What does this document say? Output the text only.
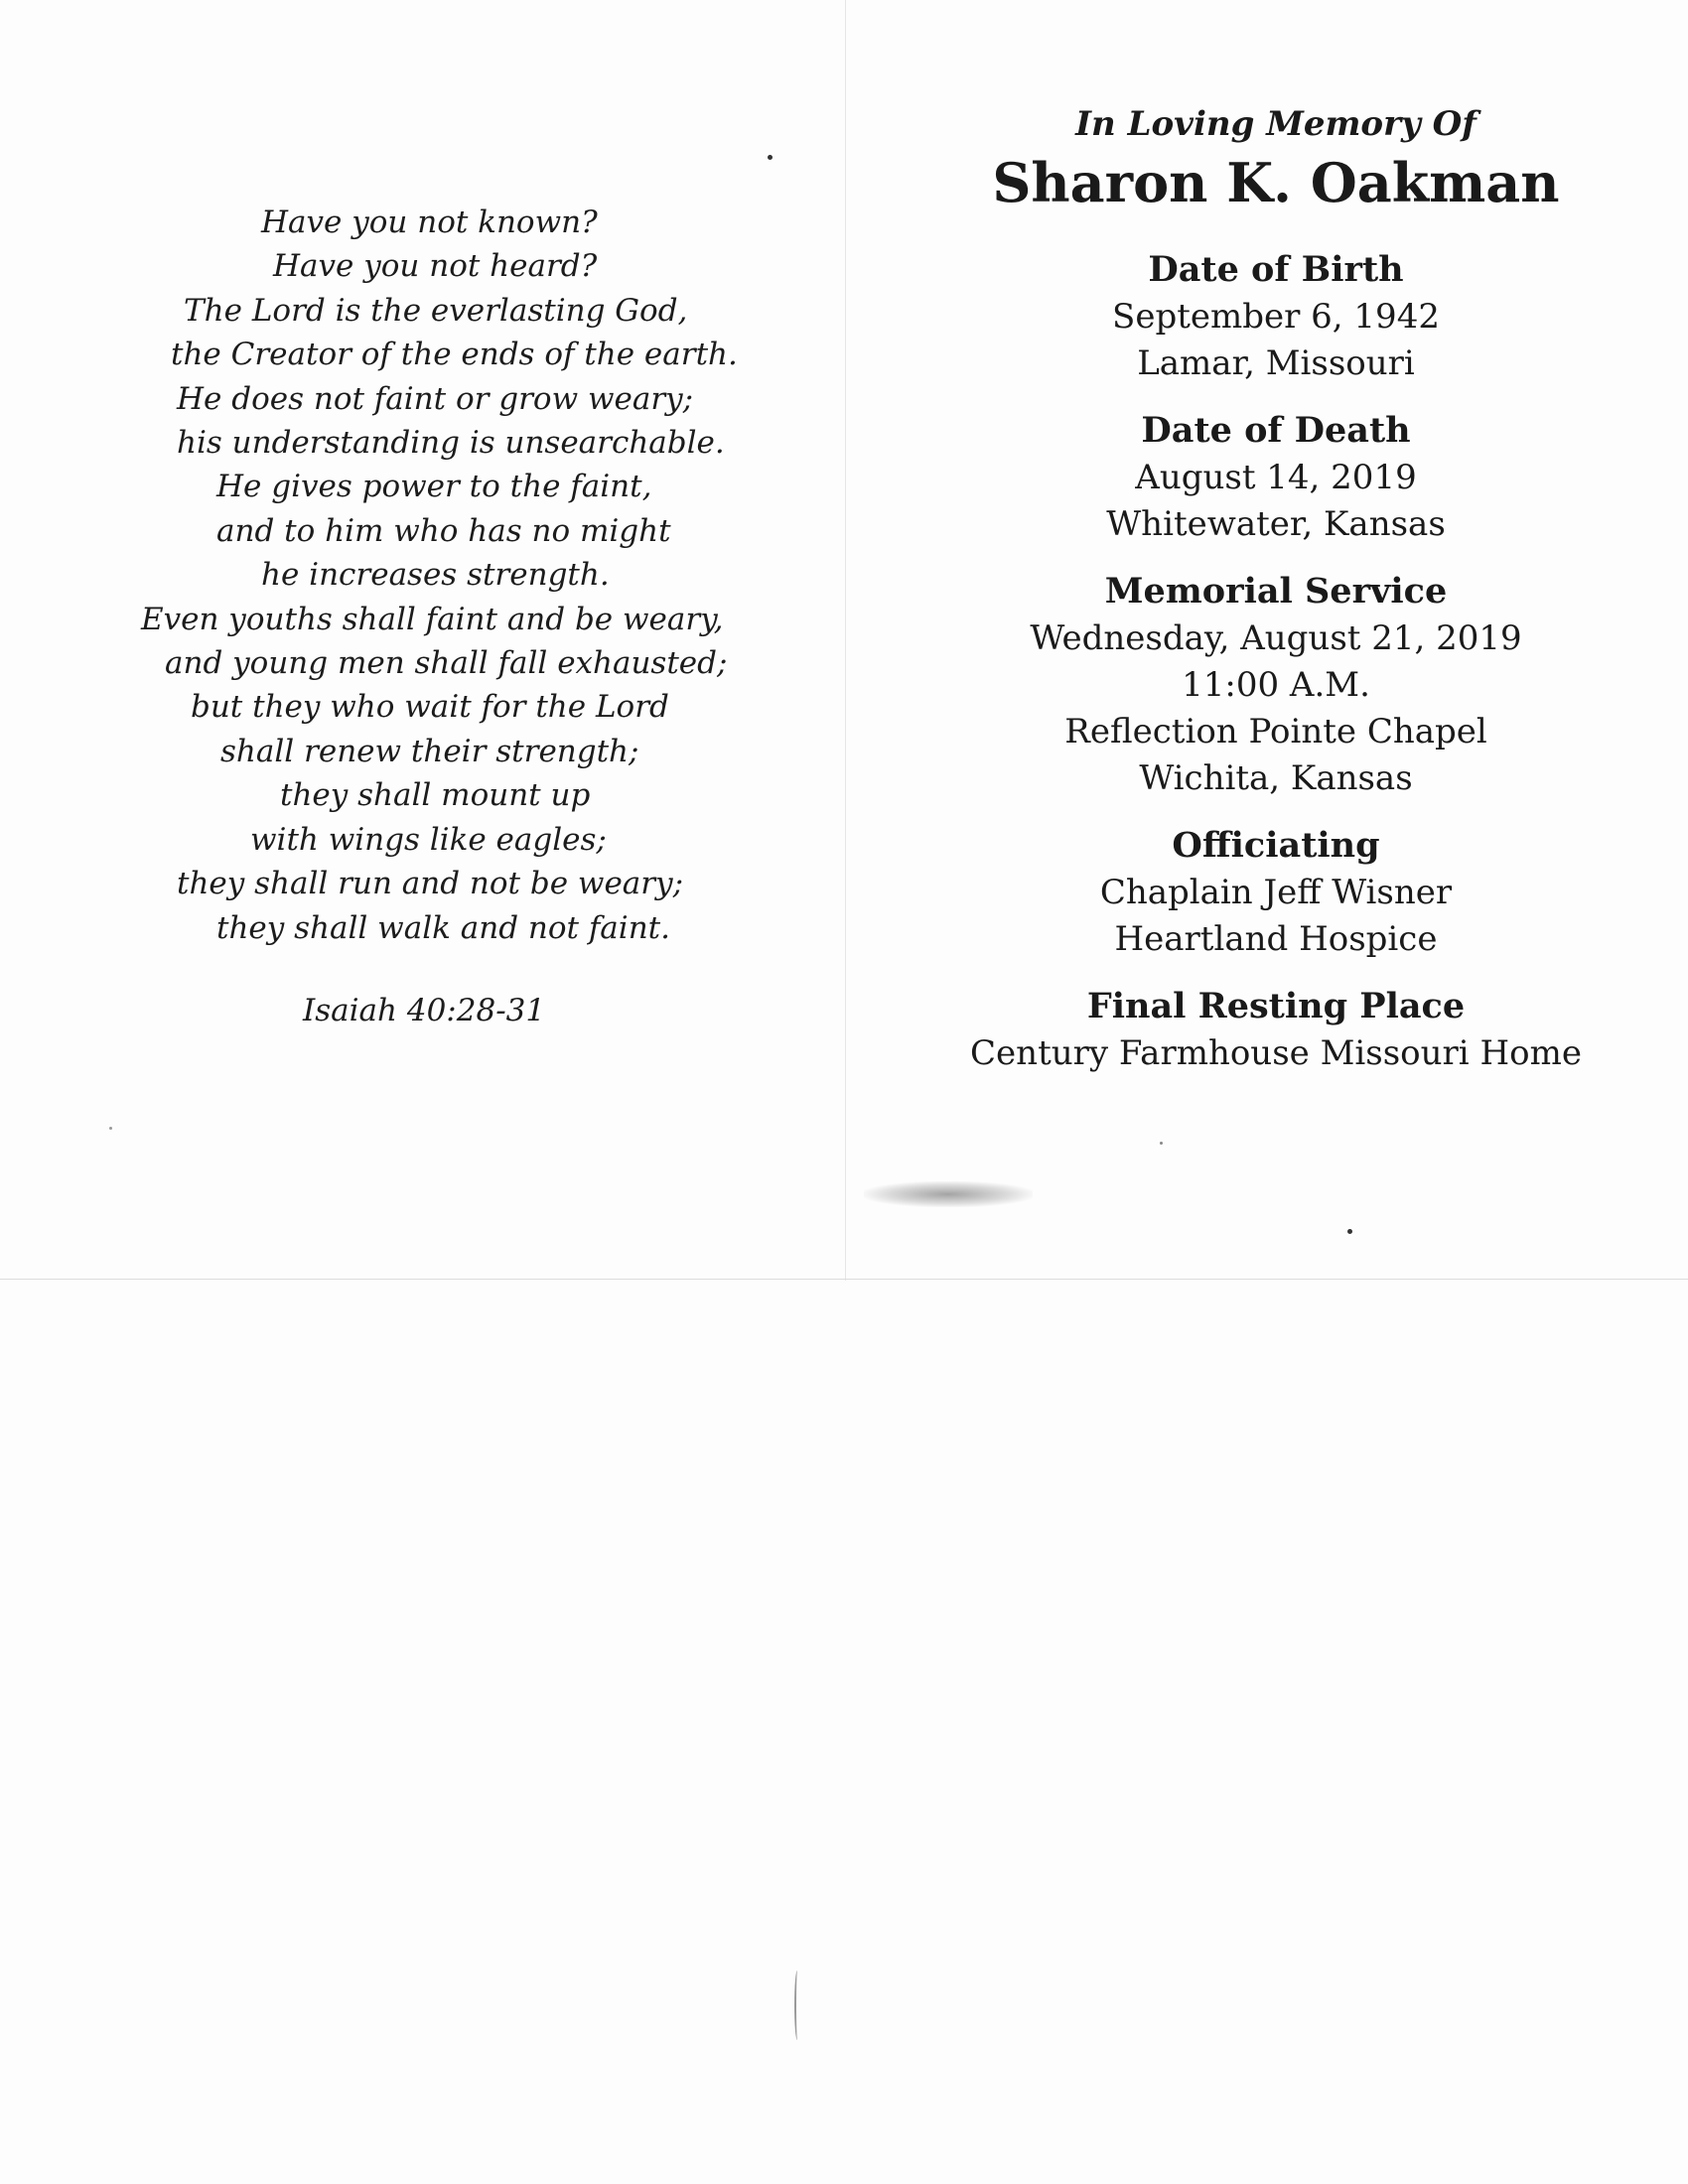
Have you not known?
Have you not heard?
The Lord is the everlasting God,
the Creator of the ends of the earth.
He does not faint or grow weary;
his understanding is unsearchable.
He gives power to the faint,
and to him who has no might
he increases strength.
Even youths shall faint and be weary,
and young men shall fall exhausted;
but they who wait for the Lord
shall renew their strength;
they shall mount up
with wings like eagles;
they shall run and not be weary;
they shall walk and not faint.
Isaiah 40:28-31
In Loving Memory Of
Sharon K. Oakman
Date of Birth
September 6, 1942
Lamar, Missouri
Date of Death
August 14, 2019
Whitewater, Kansas
Memorial Service
Wednesday, August 21, 2019
11:00 A.M.
Reflection Pointe Chapel
Wichita, Kansas
Officiating
Chaplain Jeff Wisner
Heartland Hospice
Final Resting Place
Century Farmhouse Missouri Home
